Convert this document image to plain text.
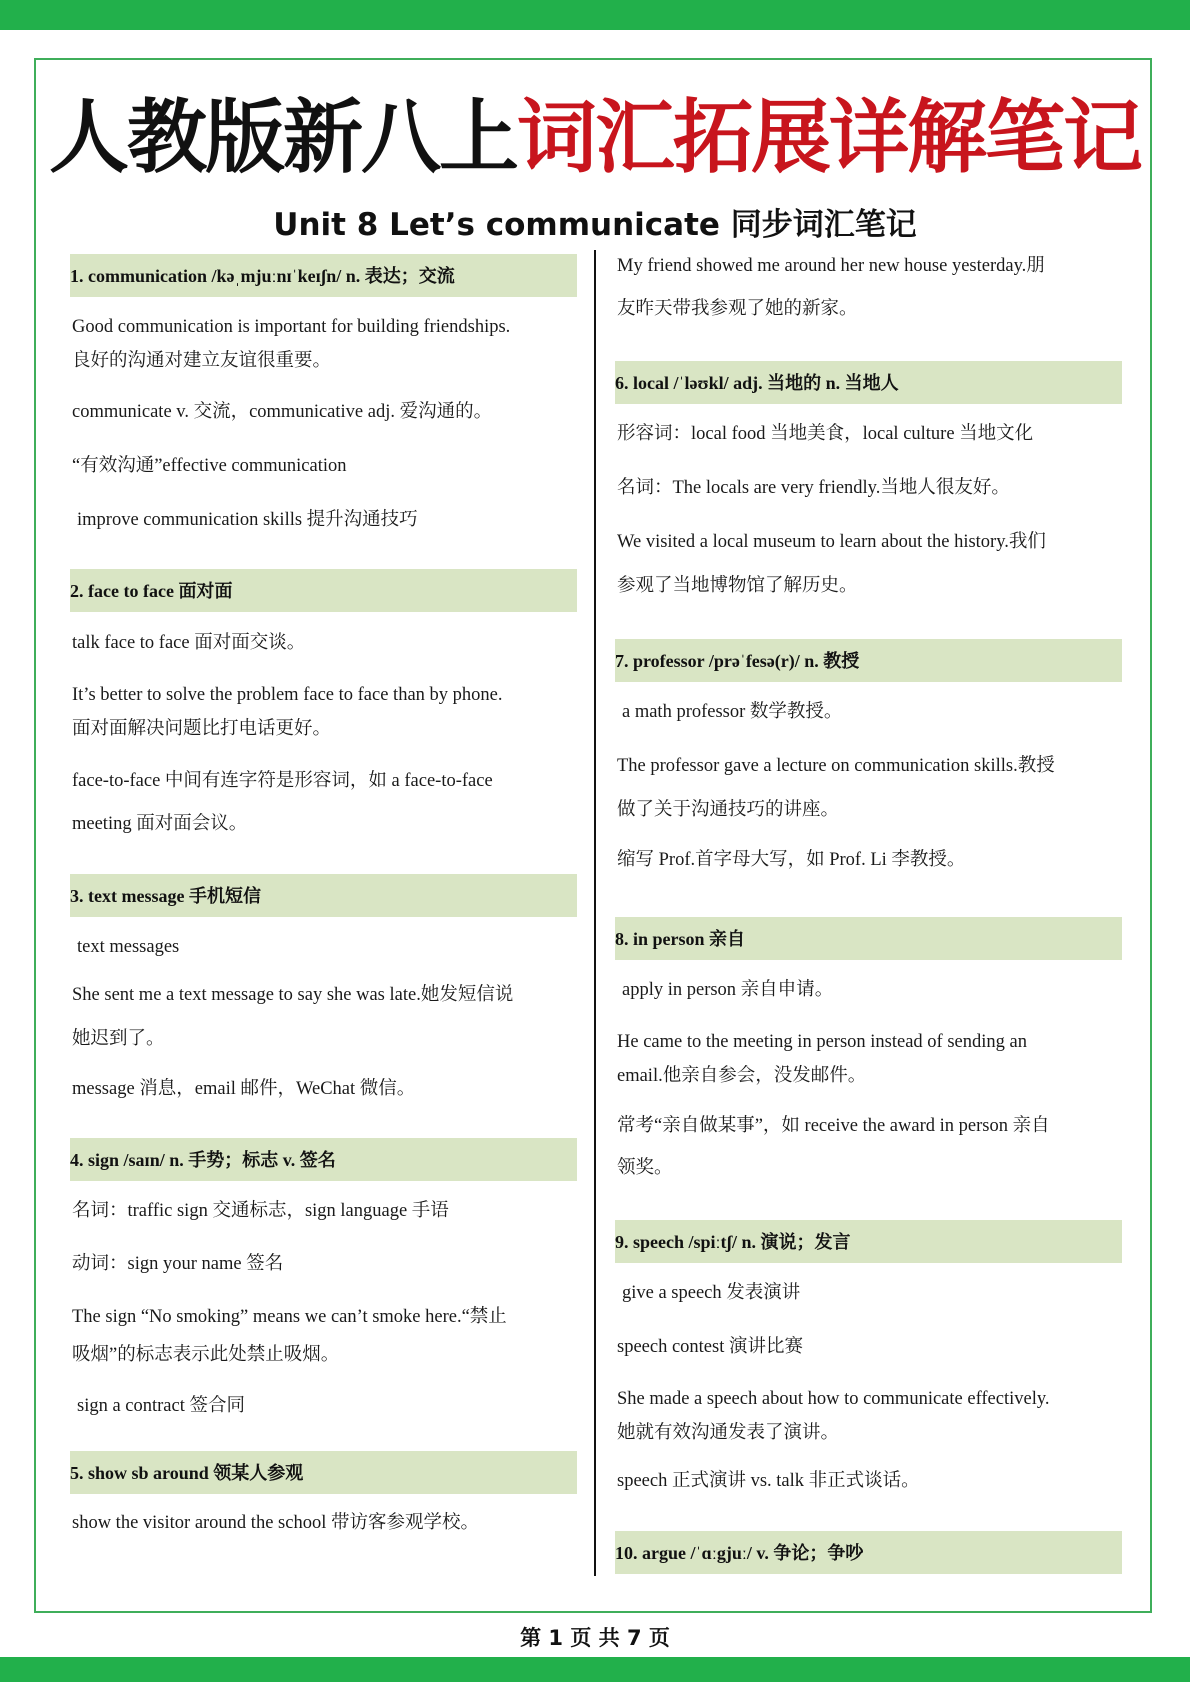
人教版新八上词汇拓展详解笔记
Unit 8 Let’s communicate 同步词汇笔记
1. communication /kəˌmjuːnɪˈkeɪʃn/ n. 表达；交流
Good communication is important for building friendships.
良好的沟通对建立友谊很重要。
communicate v. 交流，communicative adj. 爱沟通的。
“有效沟通”effective communication
improve communication skills 提升沟通技巧
2. face to face 面对面
talk face to face 面对面交谈。
It’s better to solve the problem face to face than by phone.
面对面解决问题比打电话更好。
face-to-face 中间有连字符是形容词，如 a face-to-face
meeting 面对面会议。
3. text message 手机短信
text messages
She sent me a text message to say she was late.她发短信说
她迟到了。
message 消息，email 邮件，WeChat 微信。
4. sign /saɪn/ n. 手势；标志 v. 签名
名词：traffic sign 交通标志，sign language 手语
动词：sign your name 签名
The sign “No smoking” means we can’t smoke here.“禁止
吸烟”的标志表示此处禁止吸烟。
sign a contract 签合同
5. show sb around 领某人参观
show the visitor around the school 带访客参观学校。
My friend showed me around her new house yesterday.朋
友昨天带我参观了她的新家。
6. local /ˈləʊkl/ adj. 当地的 n. 当地人
形容词：local food 当地美食，local culture 当地文化
名词：The locals are very friendly.当地人很友好。
We visited a local museum to learn about the history.我们
参观了当地博物馆了解历史。
7. professor /prəˈfesə(r)/ n. 教授
a math professor 数学教授。
The professor gave a lecture on communication skills.教授
做了关于沟通技巧的讲座。
缩写 Prof.首字母大写，如 Prof. Li 李教授。
8. in person 亲自
apply in person 亲自申请。
He came to the meeting in person instead of sending an
email.他亲自参会，没发邮件。
常考“亲自做某事”，如 receive the award in person 亲自
领奖。
9. speech /spiːtʃ/ n. 演说；发言
give a speech 发表演讲
speech contest 演讲比赛
She made a speech about how to communicate effectively.
她就有效沟通发表了演讲。
speech 正式演讲 vs. talk 非正式谈话。
10. argue /ˈɑːgjuː/ v. 争论；争吵
第 1 页 共 7 页
